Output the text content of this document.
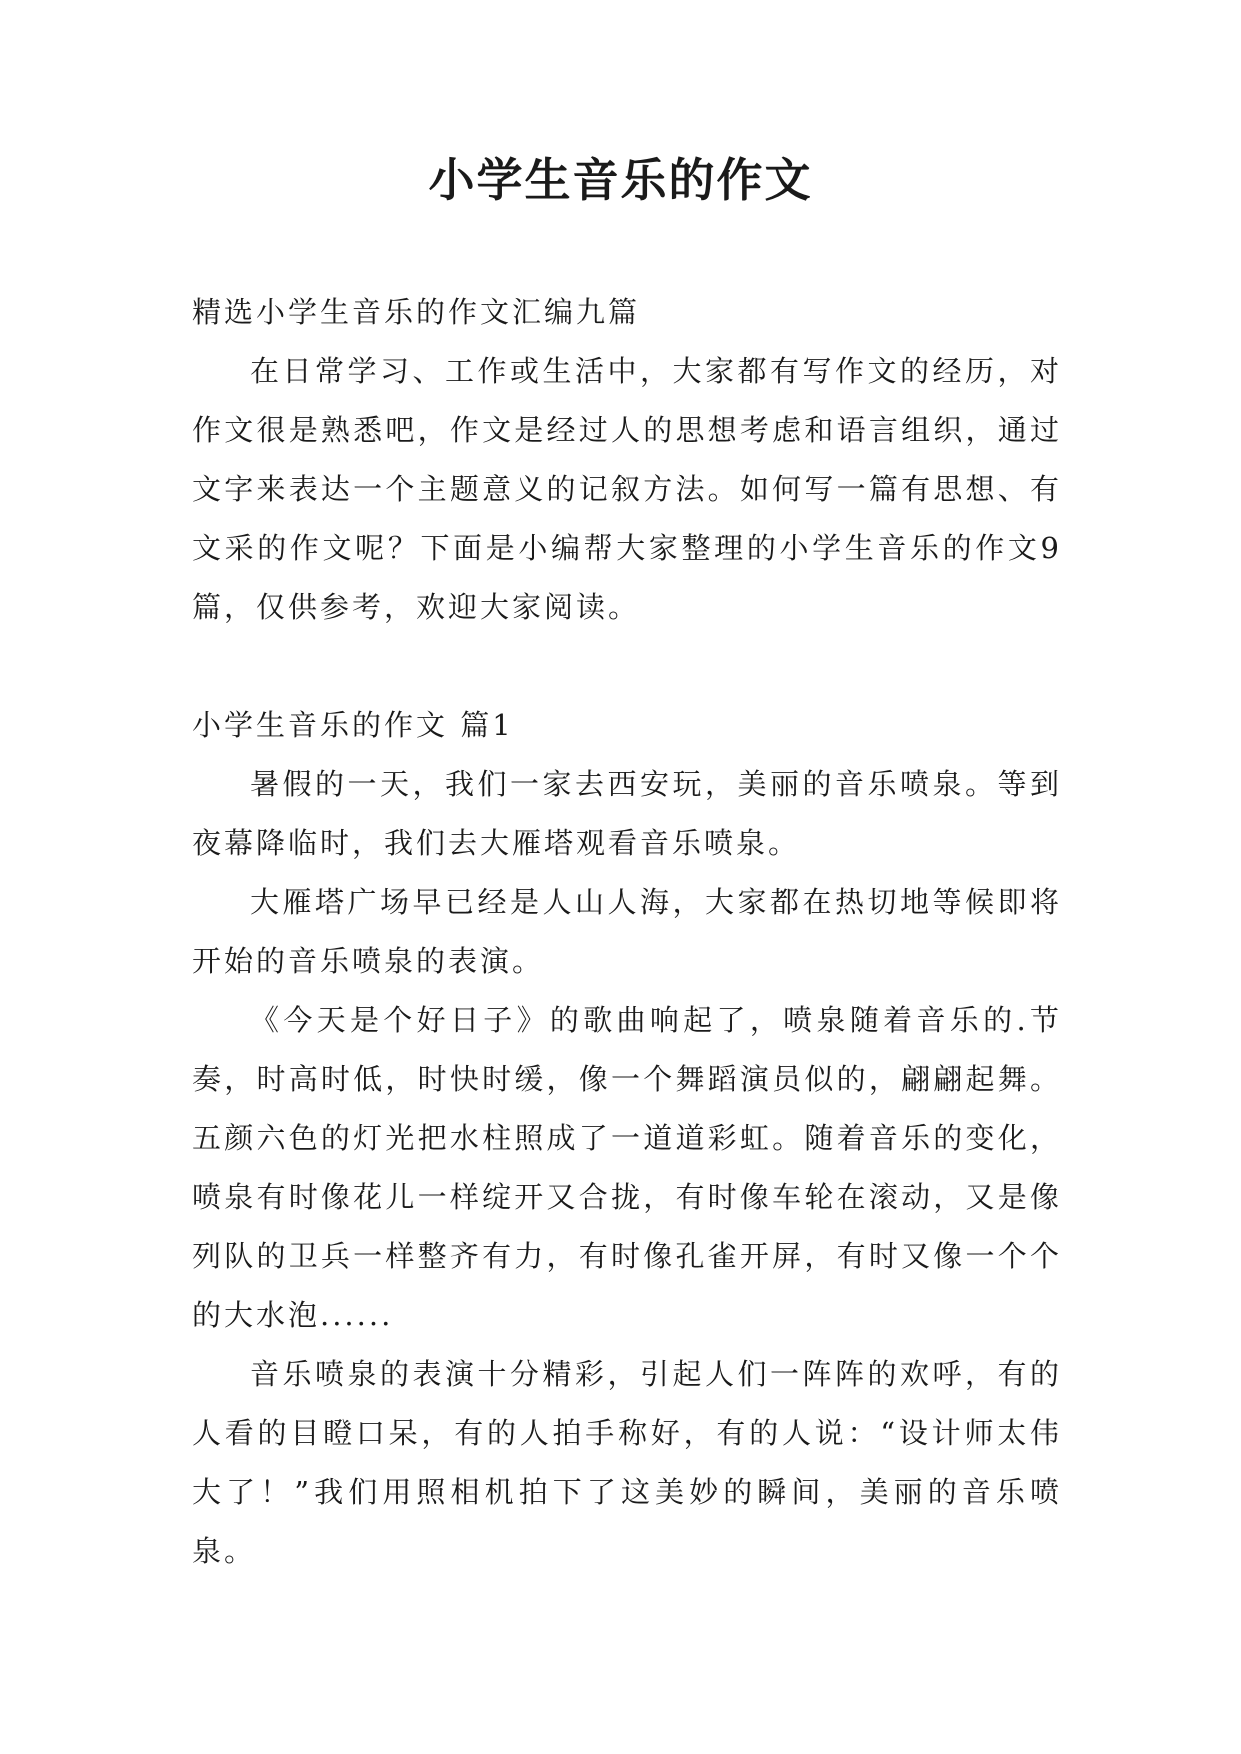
小学生音乐的作文

精选小学生音乐的作文汇编九篇

在日常学习、工作或生活中，大家都有写作文的经历，对作文很是熟悉吧，作文是经过人的思想考虑和语言组织，通过文字来表达一个主题意义的记叙方法。如何写一篇有思想、有文采的作文呢？下面是小编帮大家整理的小学生音乐的作文9篇，仅供参考，欢迎大家阅读。

小学生音乐的作文 篇1

暑假的一天，我们一家去西安玩，美丽的音乐喷泉。等到夜幕降临时，我们去大雁塔观看音乐喷泉。

大雁塔广场早已经是人山人海，大家都在热切地等候即将开始的音乐喷泉的表演。

《今天是个好日子》的歌曲响起了，喷泉随着音乐的.节奏，时高时低，时快时缓，像一个舞蹈演员似的，翩翩起舞。五颜六色的灯光把水柱照成了一道道彩虹。随着音乐的变化，喷泉有时像花儿一样绽开又合拢，有时像车轮在滚动，又是像列队的卫兵一样整齐有力，有时像孔雀开屏，有时又像一个个的大水泡......

音乐喷泉的表演十分精彩，引起人们一阵阵的欢呼，有的人看的目瞪口呆，有的人拍手称好，有的人说：“设计师太伟大了！”我们用照相机拍下了这美妙的瞬间，美丽的音乐喷泉。
